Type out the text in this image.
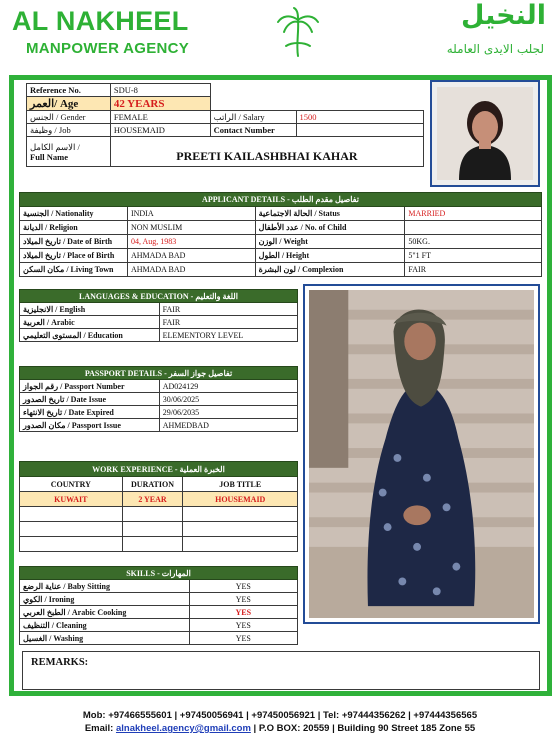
AL NAKHEEL
MANPOWER AGENCY
النخيل
لجلب الايدى العامله
Reference No.	SDU-8		
العمر/ Age	42 YEARS		
الجنس / Gender	FEMALE	الراتب / Salary	1500
وظيفة / Job	HOUSEMAID	Contact Number	

الاسم الكامل /
Full Name	PREETI KAILASHBHAI KAHAR		
APPLICANT DETAILS - تفاصيل مقدم الطلب			
الجنسية / Nationality	INDIA	الحالة الاجتماعية / Status	MARRIED
الديانة / Religion	NON MUSLIM	عدد الأطفال / No. of Child	
تاريخ الميلاد / Date of Birth	04, Aug, 1983	الوزن / Weight	50KG.
تاريخ الميلاد / Place of Birth	AHMADA BAD	الطول / Height	5"1 FT
مكان السكن / Living Town	AHMADA BAD	لون البشرة / Complexion	FAIR
LANGUAGES & EDUCATION - اللغة والتعليم	
الانجليزية / English	FAIR
العربية / Arabic	FAIR
المستوى التعليمي / Education	ELEMENTORY LEVEL
PASSPORT DETAILS - تفاصيل جواز السفر	
رقم الجواز / Passport Number	AD024129
تاريخ الصدور / Date Issue	30/06/2025
تاريخ الانتهاء / Date Expired	29/06/2035
مكان الصدور / Passport Issue	AHMEDBAD
WORK EXPERIENCE - الخبرة العملية		
COUNTRY	DURATION	JOB TITLE
KUWAIT	2 YEAR	HOUSEMAID

SKILLS - المهارات	
عناية الرضع / Baby Sitting	YES
الكوي / Ironing	YES
الطبخ العربي / Arabic Cooking	YES
التنظيف / Cleaning	YES
الغسيل / Washing	YES
REMARKS:
Mob: +97466555601 | +97450056941 | +97450056921 | Tel: +97444356262 | +97444356565
Email: alnakheel.agency@gmail.com | P.O BOX: 20559 | Building 90 Street 185 Zone 55
